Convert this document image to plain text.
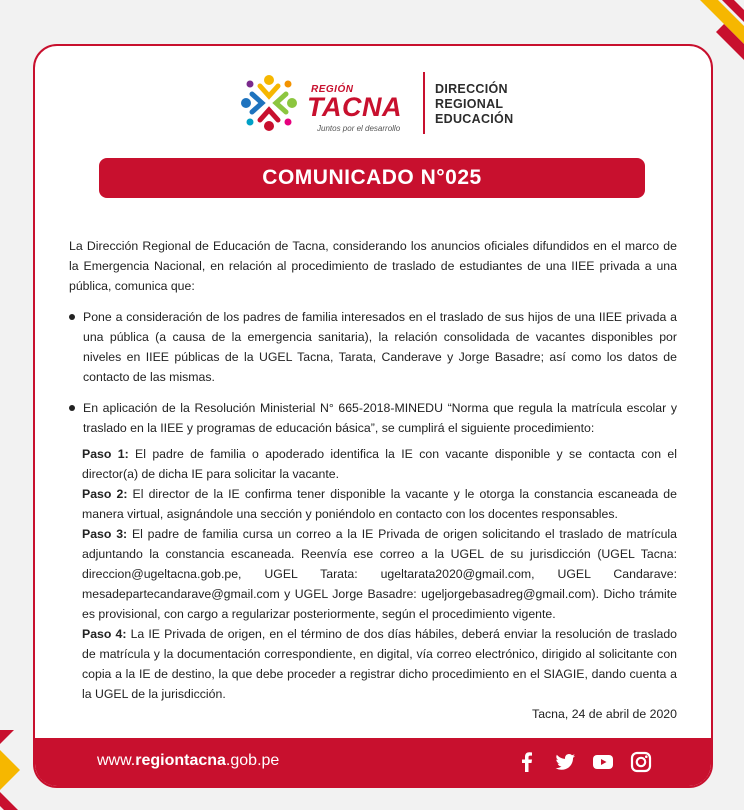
REGIÓN
TACNA
Juntos por el desarrollo
DIRECCIÓN
REGIONAL
EDUCACIÓN
COMUNICADO N°025

La Dirección Regional de Educación de Tacna, considerando los anuncios oficiales difundidos en el marco de la Emergencia Nacional, en relación al procedimiento de traslado de estudiantes de una IIEE privada a una pública, comunica que:

Pone a consideración de los padres de familia interesados en el traslado de sus hijos de una IIEE privada a una pública (a causa de la emergencia sanitaria), la relación consolidada de vacantes disponibles por niveles en IIEE públicas de la UGEL Tacna, Tarata, Canderave y Jorge Basadre; así como los datos de contacto de las mismas.

En aplicación de la Resolución Ministerial N° 665-2018-MINEDU “Norma que regula la matrícula escolar y traslado en la IIEE y programas de educación básica”, se cumplirá el siguiente procedimiento:

Paso 1: El padre de familia o apoderado identifica la IE con vacante disponible y se contacta con el director(a) de dicha IE para solicitar la vacante.

Paso 2: El director de la IE confirma tener disponible la vacante y le otorga la constancia escaneada de manera virtual, asignándole una sección y poniéndolo en contacto con los docentes responsables.

Paso 3: El padre de familia cursa un correo a la IE Privada de origen solicitando el traslado de matrícula adjuntando la constancia escaneada. Reenvía ese correo a la UGEL de su jurisdicción (UGEL Tacna: direccion@ugeltacna.gob.pe, UGEL Tarata: ugeltarata2020@gmail.com, UGEL Candarave: mesadepartecandarave@gmail.com y UGEL Jorge Basadre: ugeljorgebasadreg@gmail.com). Dicho trámite es provisional, con cargo a regularizar posteriormente, según el procedimiento vigente.

Paso 4: La IE Privada de origen, en el término de dos días hábiles, deberá enviar la resolución de traslado de matrícula y la documentación correspondiente, en digital, vía correo electrónico, dirigido al solicitante con copia a la IE de destino, la que debe proceder a registrar dicho procedimiento en el SIAGIE, dando cuenta a la UGEL de la jurisdicción.

Tacna, 24 de abril de 2020

www.regiontacna.gob.pe
